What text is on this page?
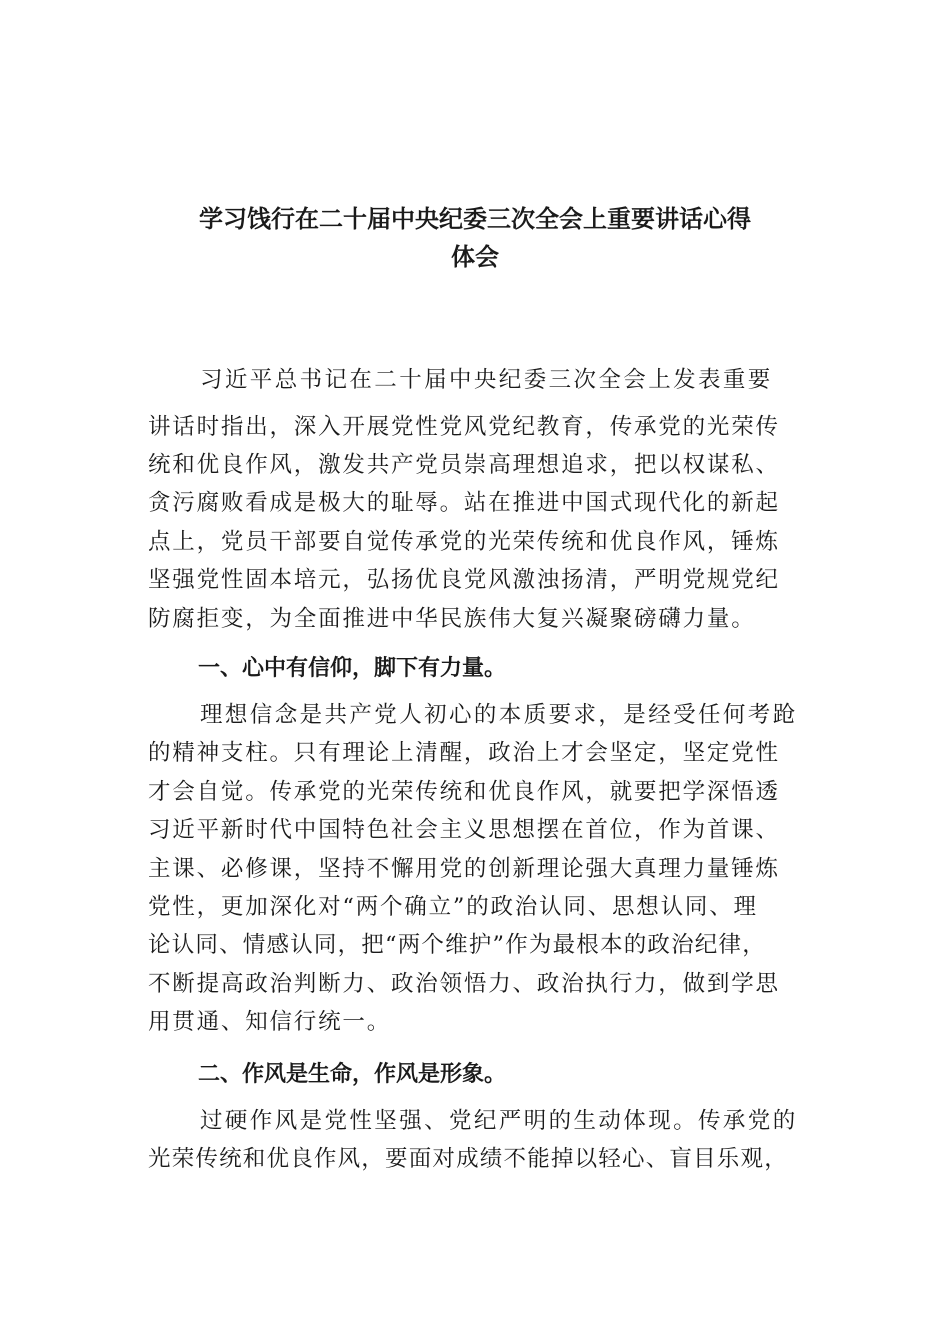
学习饯行在二十届中央纪委三次全会上重要讲话心得
体会
习近平总书记在二十届中央纪委三次全会上发表重要
讲话时指出，深入开展党性党风党纪教育，传承党的光荣传
统和优良作风，激发共产党员崇高理想追求，把以权谋私、
贪污腐败看成是极大的耻辱。站在推进中国式现代化的新起
点上，党员干部要自觉传承党的光荣传统和优良作风，锤炼
坚强党性固本培元，弘扬优良党风激浊扬清，严明党规党纪
防腐拒变，为全面推进中华民族伟大复兴凝聚磅礴力量。
一、心中有信仰，脚下有力量。
理想信念是共产党人初心的本质要求，是经受任何考跄
的精神支柱。只有理论上清醒，政治上才会坚定，坚定党性
才会自觉。传承党的光荣传统和优良作风，就要把学深悟透
习近平新时代中国特色社会主义思想摆在首位，作为首课、
主课、必修课，坚持不懈用党的创新理论强大真理力量锤炼
党性，更加深化对“两个确立”的政治认同、思想认同、理
论认同、情感认同，把“两个维护”作为最根本的政治纪律，
不断提高政治判断力、政治领悟力、政治执行力，做到学思
用贯通、知信行统一。
二、作风是生命，作风是形象。
过硬作风是党性坚强、党纪严明的生动体现。传承党的
光荣传统和优良作风，要面对成绩不能掉以轻心、盲目乐观，
